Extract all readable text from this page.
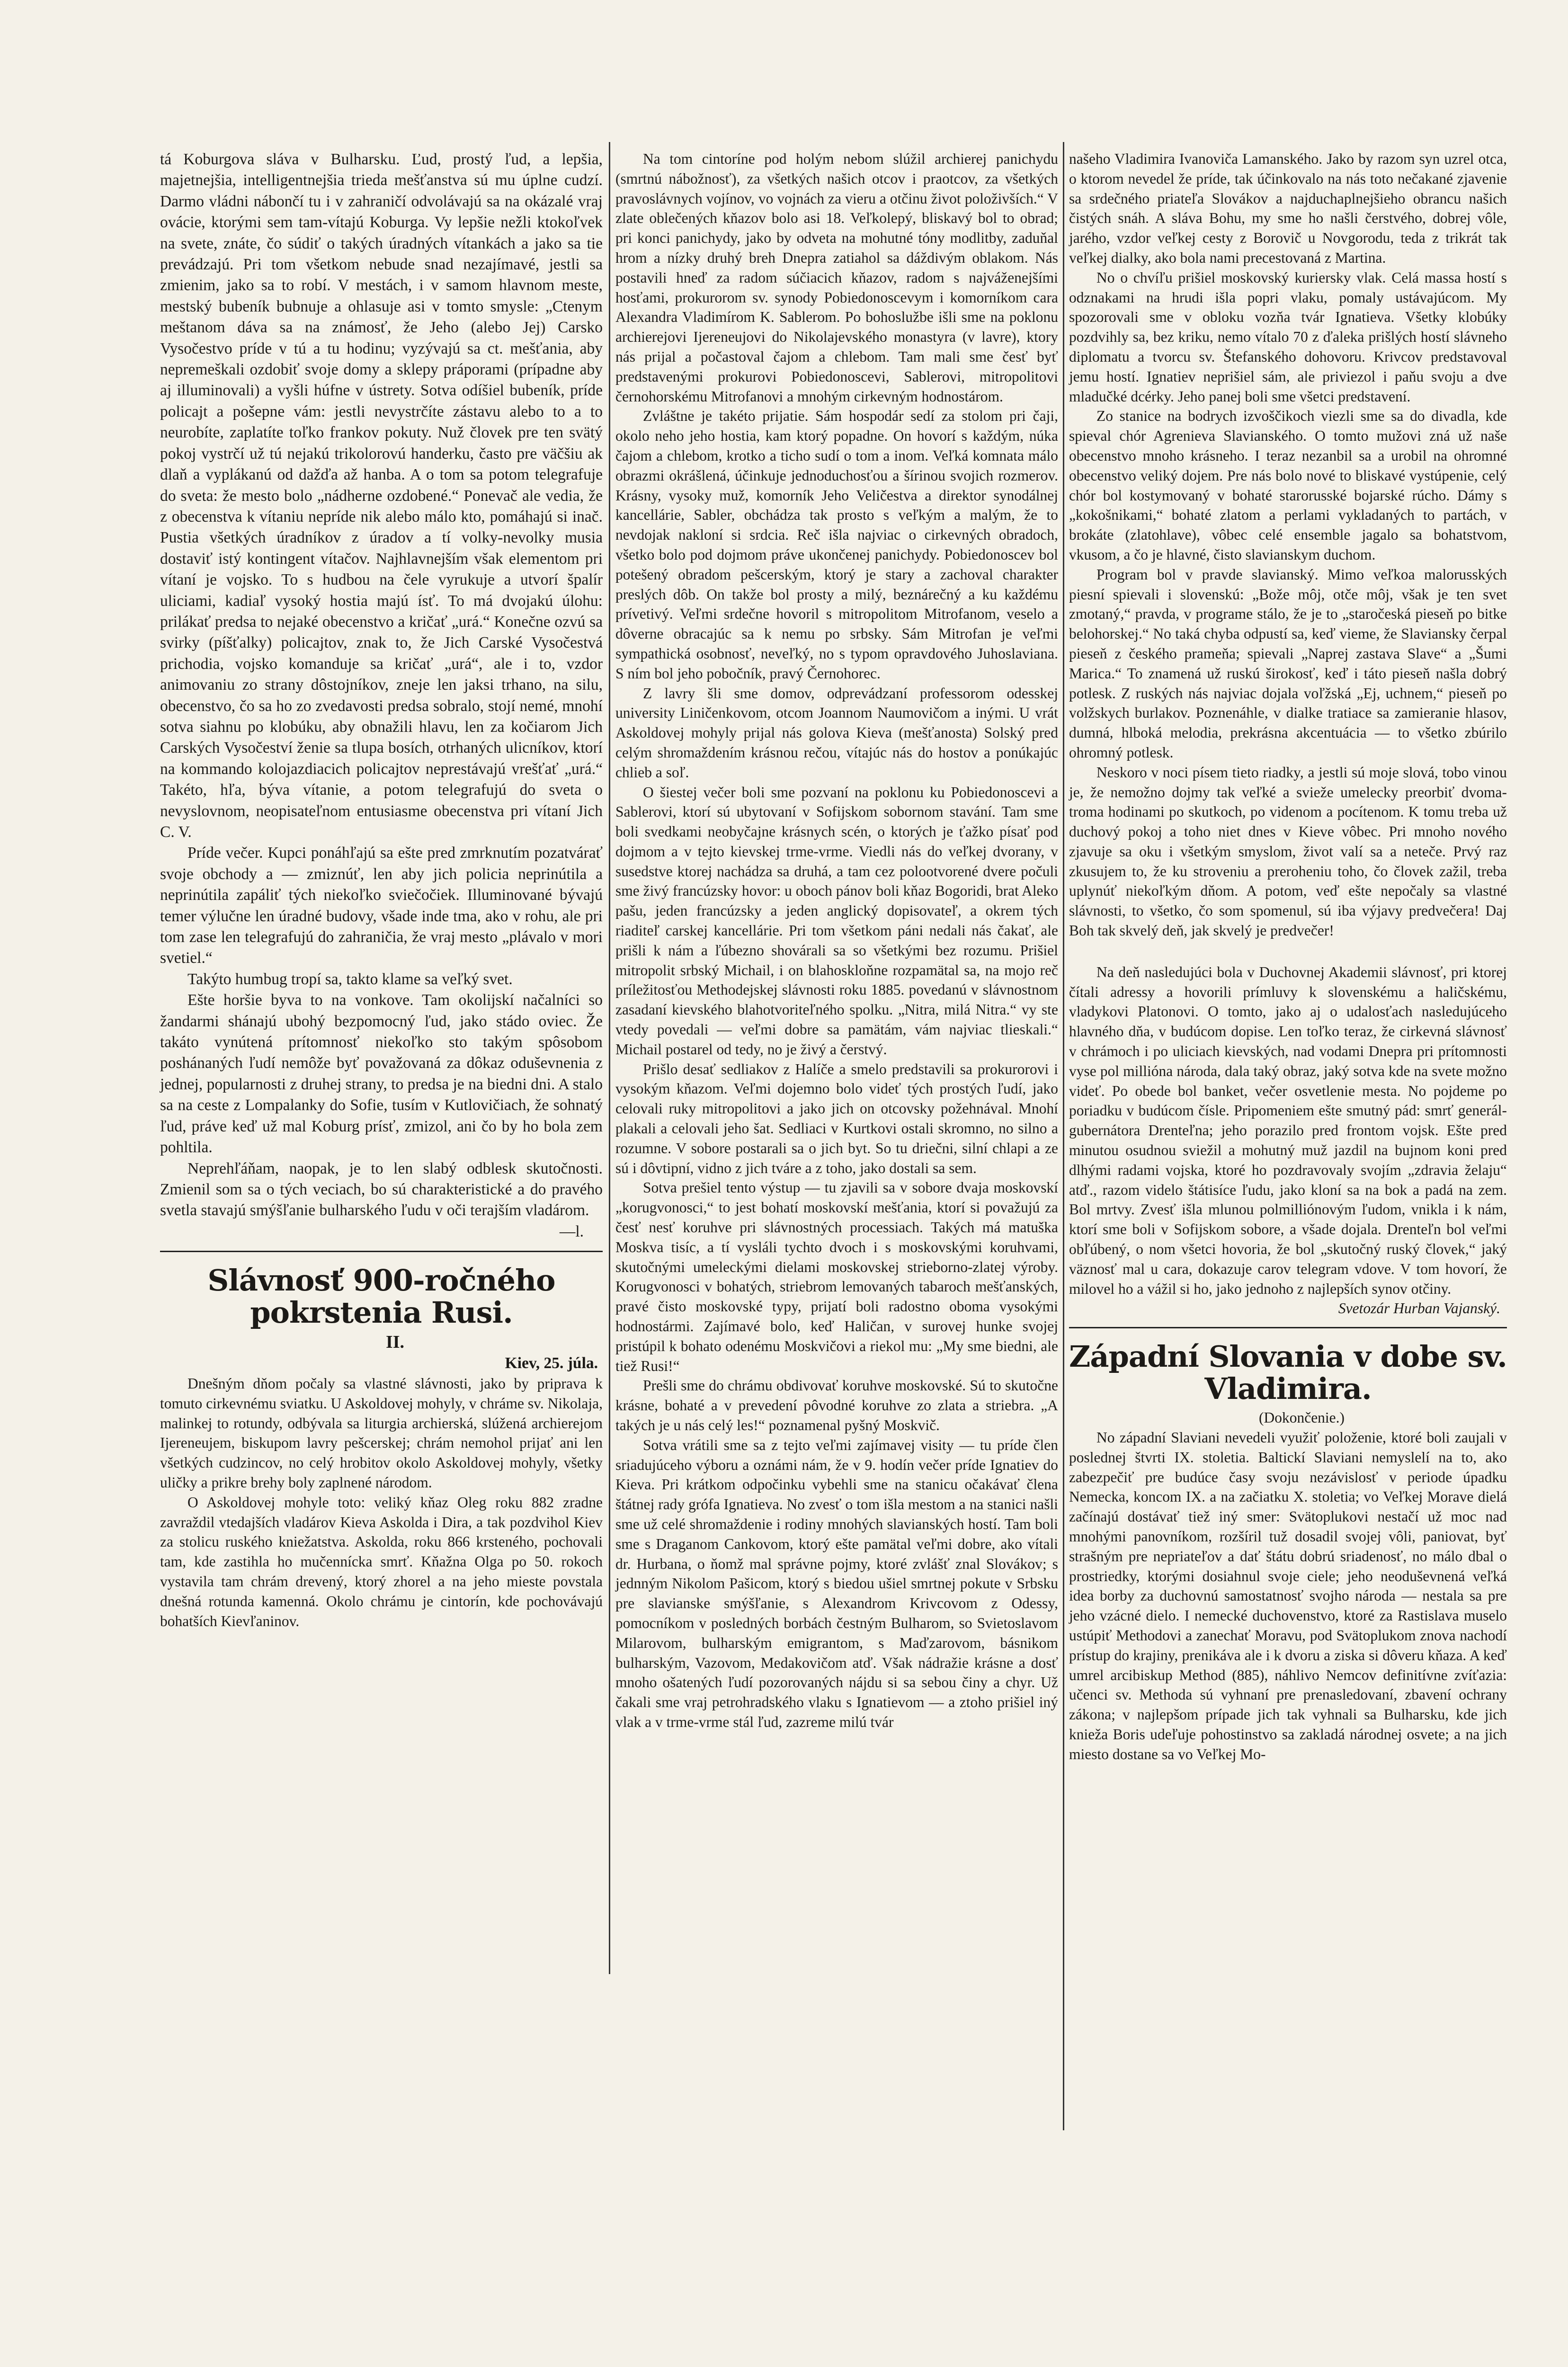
tá Koburgova sláva v Bulharsku. Ľud, prostý ľud, a lepšia, majetnejšia, intelligentnejšia trieda mešťanstva sú mu úplne cudzí. Darmo vládni nábončí tu i v zahraničí odvolávajú sa na okázalé vraj ovácie, ktorými sem tam-vítajú Koburga. Vy lepšie nežli ktokoľvek na svete, znáte, čo súdiť o takých úradných vítankách a jako sa tie prevádzajú. Pri tom všetkom nebude snad nezajímavé, jestli sa zmienim, jako sa to robí. V mestách, i v samom hlavnom meste, mestský bubeník bubnuje a ohlasuje asi v tomto smysle: „Ctenym meštanom dáva sa na známosť, že Jeho (alebo Jej) Carsko Vysočestvo príde v tú a tu hodinu; vyzývajú sa ct. mešťania, aby nepremeškali ozdobiť svoje domy a sklepy práporami (prípadne aby aj illuminovali) a vyšli húfne v ústrety. Sotva odíšiel bubeník, príde policajt a pošepne vám: jestli nevystrčíte zástavu alebo to a to neurobíte, zaplatíte toľko frankov pokuty. Nuž človek pre ten svätý pokoj vystrčí už tú nejakú trikolorovú handerku, často pre väčšiu ak dlaň a vyplákanú od dažďa až hanba. A o tom sa potom telegrafuje do sveta: že mesto bolo „nádherne ozdobené.“ Ponevač ale vedia, že z obecenstva k vítaniu nepríde nik alebo málo kto, pomáhajú si inač. Pustia všetkých úradníkov z úradov a tí volky-nevolky musia dostaviť istý kontingent vítačov. Najhlavnejším však elementom pri vítaní je vojsko. To s hudbou na čele vyrukuje a utvorí špalír uliciami, kadiaľ vysoký hostia majú ísť. To má dvojakú úlohu: prilákať predsa to nejaké obecenstvo a kričať „urá.“ Konečne ozvú sa svirky (píšťalky) policajtov, znak to, že Jich Carské Vysočestvá prichodia, vojsko komanduje sa kričať „urá“, ale i to, vzdor animovaniu zo strany dôstojníkov, zneje len jaksi trhano, na silu, obecenstvo, čo sa ho zo zvedavosti predsa sobralo, stojí nemé, mnohí sotva siahnu po klobúku, aby obnažili hlavu, len za kočiarom Jich Carských Vysočeství ženie sa tlupa bosích, otrhaných ulicníkov, ktorí na kommando kolojazdiacich policajtov neprestávajú vrešťať „urá.“ Takéto, hľa, býva vítanie, a potom telegrafujú do sveta o nevyslovnom, neopisateľnom entusiasme obecenstva pri vítaní Jich C. V.

Príde večer. Kupci ponáhľajú sa ešte pred zmrknutím pozatvárať svoje obchody a — zmiznúť, len aby jich policia neprinútila a neprinútila zapáliť tých niekoľko sviečočiek. Illuminované bývajú temer výlučne len úradné budovy, všade inde tma, ako v rohu, ale pri tom zase len telegrafujú do zahraničia, že vraj mesto „plávalo v mori svetiel.“

Takýto humbug tropí sa, takto klame sa veľký svet.

Ešte horšie byva to na vonkove. Tam okolijskí načalníci so žandarmi shánajú ubohý bezpomocný ľud, jako stádo oviec. Že takáto vynútená prítomnosť niekoľko sto takým spôsobom poshánaných ľudí nemôže byť považovaná za dôkaz oduševnenia z jednej, popularnosti z druhej strany, to predsa je na biedni dni. A stalo sa na ceste z Lompalanky do Sofie, tusím v Kutlovičiach, že sohnatý ľud, práve keď už mal Koburg prísť, zmizol, ani čo by ho bola zem pohltila.

Neprehľáňam, naopak, je to len slabý odblesk skutočnosti. Zmienil som sa o tých veciach, bo sú charakteristické a do pravého svetla stavajú smýšľanie bulharského ľudu v oči terajším vladárom.

—l.

Slávnosť 900-ročného pokrstenia Rusi.

II.

Kiev, 25. júla.

Dnešným dňom počaly sa vlastné slávnosti, jako by priprava k tomuto cirkevnému sviatku. U Askoldovej mohyly, v chráme sv. Nikolaja, malinkej to rotundy, odbývala sa liturgia archierská, slúžená archierejom Ijereneujem, biskupom lavry pešcerskej; chrám nemohol prijať ani len všetkých cudzincov, no celý hrobitov okolo Askoldovej mohyly, všetky uličky a prikre brehy boly zaplnené národom.

O Askoldovej mohyle toto: veliký kňaz Oleg roku 882 zradne zavraždil vtedajších vladárov Kieva Askolda i Dira, a tak pozdvihol Kiev za stolicu ruského kniežatstva. Askolda, roku 866 krsteného, pochovali tam, kde zastihla ho mučennícka smrť. Kňažna Olga po 50. rokoch vystavila tam chrám drevený, ktorý zhorel a na jeho mieste povstala dnešná rotunda kamenná. Okolo chrámu je cintorín, kde pochovávajú bohatších Kievľaninov.

Na tom cintoríne pod holým nebom slúžil archierej panichydu (smrtnú nábožnosť), za všetkých našich otcov i praotcov, za všetkých pravoslávnych vojínov, vo vojnách za vieru a otčinu život položivších.“ V zlate oblečených kňazov bolo asi 18. Veľkolepý, bliskavý bol to obrad; pri konci panichydy, jako by odveta na mohutné tóny modlitby, zaduňal hrom a nízky druhý breh Dnepra zatiahol sa dáždivým oblakom. Nás postavili hneď za radom súčiacich kňazov, radom s najváženejšími hosťami, prokurorom sv. synody Pobiedonoscevym i komorníkom cara Alexandra Vladimírom K. Sablerom. Po bohoslužbe išli sme na poklonu archierejovi Ijereneujovi do Nikolajevského monastyra (v lavre), ktory nás prijal a počastoval čajom a chlebom. Tam mali sme česť byť predstavenými prokurovi Pobiedonoscevi, Sablerovi, mitropolitovi černohorskému Mitrofanovi a mnohým cirkevným hodnostárom.

Zvláštne je takéto prijatie. Sám hospodár sedí za stolom pri čaji, okolo neho jeho hostia, kam ktorý popadne. On hovorí s každým, núka čajom a chlebom, krotko a ticho sudí o tom a inom. Veľká komnata málo obrazmi okrášlená, účinkuje jednoduchosťou a šírinou svojich rozmerov. Krásny, vysoky muž, komorník Jeho Veličestva a direktor synodálnej kancellárie, Sabler, obchádza tak prosto s veľkým a malým, že to nevdojak nakloní si srdcia. Reč išla najviac o cirkevných obradoch, všetko bolo pod dojmom práve ukončenej panichydy. Pobiedonoscev bol potešený obradom pešcerským, ktorý je stary a zachoval charakter preslých dôb. On takže bol prosty a milý, beznárečný a ku každému prívetivý. Veľmi srdečne hovoril s mitropolitom Mitrofanom, veselo a dôverne obracajúc sa k nemu po srbsky. Sám Mitrofan je veľmi sympathická osobnosť, neveľký, no s typom opravdového Juhoslaviana. S ním bol jeho pobočník, pravý Černohorec.

Z lavry šli sme domov, odprevádzaní professorom odesskej university Liničenkovom, otcom Joannom Naumovičom a inými. U vrát Askoldovej mohyly prijal nás golova Kieva (mešťanosta) Solský pred celým shromaždením krásnou rečou, vítajúc nás do hostov a ponúkajúc chlieb a soľ.

O šiestej večer boli sme pozvaní na poklonu ku Pobiedonoscevi a Sablerovi, ktorí sú ubytovaní v Sofijskom sobornom stavání. Tam sme boli svedkami neobyčajne krásnych scén, o ktorých je ťažko písať pod dojmom a v tejto kievskej trme-vrme. Viedli nás do veľkej dvorany, v susedstve ktorej nachádza sa druhá, a tam cez polootvorené dvere počuli sme živý francúzsky hovor: u oboch pánov boli kňaz Bogoridi, brat Aleko pašu, jeden francúzsky a jeden anglický dopisovateľ, a okrem tých riaditeľ carskej kancellárie. Pri tom všetkom páni nedali nás čakať, ale prišli k nám a ľúbezno shovárali sa so všetkými bez rozumu. Prišiel mitropolit srbský Michail, i on blahoskloňne rozpamätal sa, na mojo reč príležitosťou Methodejskej slávnosti roku 1885. povedanú v slávnostnom zasadaní kievského blahotvoriteľného spolku. „Nitra, milá Nitra.“ vy ste vtedy povedali — veľmi dobre sa pamätám, vám najviac tlieskali.“ Michail postarel od tedy, no je živý a čerstvý.

Prišlo desať sedliakov z Halíče a smelo predstavili sa prokurorovi i vysokým kňazom. Veľmi dojemno bolo videť tých prostých ľudí, jako celovali ruky mitropolitovi a jako jich on otcovsky požehnával. Mnohí plakali a celovali jeho šat. Sedliaci v Kurtkovi ostali skromno, no silno a rozumne. V sobore postarali sa o jich byt. So tu driečni, silní chlapi a ze sú i dôvtipní, vidno z jich tváre a z toho, jako dostali sa sem.

Sotva prešiel tento výstup — tu zjavili sa v sobore dvaja moskovskí „korugvonosci,“ to jest bohatí moskovskí mešťania, ktorí si považujú za česť nesť koruhve pri slávnostných processiach. Takých má matuška Moskva tisíc, a tí vysláli tychto dvoch i s moskovskými koruhvami, skutočnými umeleckými dielami moskovskej strieborno-zlatej výroby. Korugvonosci v bohatých, striebrom lemovaných tabaroch mešťanských, pravé čisto moskovské typy, prijatí boli radostno oboma vysokými hodnostármi. Zajímavé bolo, keď Haličan, v surovej hunke svojej pristúpil k bohato odenému Moskvičovi a riekol mu: „My sme biedni, ale tiež Rusi!“

Prešli sme do chrámu obdivovať koruhve moskovské. Sú to skutočne krásne, bohaté a v prevedení pôvodné koruhve zo zlata a striebra. „A takých je u nás celý les!“ poznamenal pyšný Moskvič.

Sotva vrátili sme sa z tejto veľmi zajímavej visity — tu príde člen sriadujúceho výboru a oznámi nám, že v 9. hodín večer príde Ignatiev do Kieva. Pri krátkom odpočinku vybehli sme na stanicu očakávať člena štátnej rady grófa Ignatieva. No zvesť o tom išla mestom a na stanici našli sme už celé shromaždenie i rodiny mnohých slavianských hostí. Tam boli sme s Draganom Cankovom, ktorý ešte pamätal veľmi dobre, ako vítali dr. Hurbana, o ňomž mal správne pojmy, ktoré zvlášť znal Slovákov; s jednným Nikolom Pašicom, ktorý s biedou ušiel smrtnej pokute v Srbsku pre slavianske smýšľanie, s Alexandrom Krivcovom z Odessy, pomocníkom v posledných borbách čestným Bulharom, so Svietoslavom Milarovom, bulharským emigrantom, s Maďzarovom, básnikom bulharským, Vazovom, Medakovičom atď. Však nádražie krásne a dosť mnoho ošatených ľudí pozorovaných nájdu si sa sebou činy a chyr. Už čakali sme vraj petrohradského vlaku s Ignatievom — a ztoho prišiel iný vlak a v trme-vrme stál ľud, zazreme milú tvár

našeho Vladimira Ivanoviča Lamanského. Jako by razom syn uzrel otca, o ktorom nevedel že príde, tak účinkovalo na nás toto nečakané zjavenie sa srdečného priateľa Slovákov a najduchaplnejšieho obrancu našich čistých snáh. A sláva Bohu, my sme ho našli čerstvého, dobrej vôle, jarého, vzdor veľkej cesty z Borovič u Novgorodu, teda z trikrát tak veľkej dialky, ako bola nami precestovaná z Martina.

No o chvíľu prišiel moskovský kuriersky vlak. Celá massa hostí s odznakami na hrudi išla popri vlaku, pomaly ustávajúcom. My spozorovali sme v obloku vozňa tvár Ignatieva. Všetky klobúky pozdvihly sa, bez kriku, nemo vítalo 70 z ďaleka prišlých hostí slávneho diplomatu a tvorcu sv. Štefanského dohovoru. Krivcov predstavoval jemu hostí. Ignatiev neprišiel sám, ale priviezol i paňu svoju a dve mladučké dcérky. Jeho panej boli sme všetci predstavení.

Zo stanice na bodrych izvoščikoch viezli sme sa do divadla, kde spieval chór Agrenieva Slavianského. O tomto mužovi zná už naše obecenstvo mnoho krásneho. I teraz nezanbil sa a urobil na ohromné obecenstvo veliký dojem. Pre nás bolo nové to bliskavé vystúpenie, celý chór bol kostymovaný v bohaté starorusské bojarské rúcho. Dámy s „kokošnikami,“ bohaté zlatom a perlami vykladaných to partách, v brokáte (zlatohlave), vôbec celé ensemble jagalo sa bohatstvom, vkusom, a čo je hlavné, čisto slavianskym duchom.

Program bol v pravde slavianský. Mimo veľkoa malorusských piesní spievali i slovenskú: „Bože môj, otče môj, však je ten svet zmotaný,“ pravda, v programe stálo, že je to „staročeská pieseň po bitke belohorskej.“ No taká chyba odpustí sa, keď vieme, že Slaviansky čerpal pieseň z českého prameňa; spievali „Naprej zastava Slave“ a „Šumi Marica.“ To znamená už ruskú širokosť, keď i táto pieseň našla dobrý potlesk. Z ruských nás najviac dojala voľžská „Ej, uchnem,“ pieseň po volžskych burlakov. Poznenáhle, v dialke tratiace sa zamieranie hlasov, dumná, hlboká melodia, prekrásna akcentuácia — to všetko zbúrilo ohromný potlesk.

Neskoro v noci písem tieto riadky, a jestli sú moje slová, tobo vinou je, že nemožno dojmy tak veľké a svieže umelecky preorbiť dvoma-troma hodinami po skutkoch, po videnom a pocítenom. K tomu treba už duchový pokoj a toho niet dnes v Kieve vôbec. Pri mnoho nového zjavuje sa oku i všetkým smyslom, život valí sa a neteče. Prvý raz zkusujem to, že ku stroveniu a preroheniu toho, čo človek zažil, treba uplynúť niekoľkým dňom. A potom, veď ešte nepočaly sa vlastné slávnosti, to všetko, čo som spomenul, sú iba výjavy predvečera! Daj Boh tak skvelý deň, jak skvelý je predvečer!

Na deň nasledujúci bola v Duchovnej Akademii slávnosť, pri ktorej čítali adressy a hovorili prímluvy k slovenskému a haličskému, vladykovi Platonovi. O tomto, jako aj o udalosťach nasledujúceho hlavného dňa, v budúcom dopise. Len toľko teraz, že cirkevná slávnosť v chrámoch i po uliciach kievských, nad vodami Dnepra pri prítomnosti vyse pol millióna národa, dala taký obraz, jaký sotva kde na svete možno videť. Po obede bol banket, večer osvetlenie mesta. No pojdeme po poriadku v budúcom čísle. Pripomeniem ešte smutný pád: smrť generál-gubernátora Drenteľna; jeho porazilo pred frontom vojsk. Ešte pred minutou osudnou sviežil a mohutný muž jazdil na bujnom koni pred dlhými radami vojska, ktoré ho pozdravovaly svojím „zdravia želaju“ atď., razom videlo štátisíce ľudu, jako kloní sa na bok a padá na zem. Bol mrtvy. Zvesť išla mlunou polmilliónovým ľudom, vnikla i k nám, ktorí sme boli v Sofijskom sobore, a všade dojala. Drenteľn bol veľmi obľúbený, o nom všetci hovoria, že bol „skutočný ruský človek,“ jaký väznosť mal u cara, dokazuje carov telegram vdove. V tom hovorí, že milovel ho a vážil si ho, jako jednoho z najlepších synov otčiny.

Svetozár Hurban Vajanský.

Západní Slovania v dobe sv. Vladimira.

(Dokončenie.)

No západní Slaviani nevedeli využiť položenie, ktoré boli zaujali v poslednej štvrti IX. stoletia. Baltickí Slaviani nemyslelí na to, ako zabezpečiť pre budúce časy svoju nezávislosť v periode úpadku Nemecka, koncom IX. a na začiatku X. stoletia; vo Veľkej Morave dielá začínajú dostávať tiež iný smer: Svätoplukovi nestačí už moc nad mnohými panovníkom, rozšíril tuž dosadil svojej vôli, paniovat, byť strašným pre nepriateľov a dať štátu dobrú sriadenosť, no málo dbal o prostriedky, ktorými dosiahnul svoje ciele; jeho neoduševnená veľká idea borby za duchovnú samostatnosť svojho národa — nestala sa pre jeho vzácné dielo. I nemecké duchovenstvo, ktoré za Rastislava muselo ustúpiť Methodovi a zanechať Moravu, pod Svätoplukom znova nachodí prístup do krajiny, prenikáva ale i k dvoru a ziska si dôveru kňaza. A keď umrel arcibiskup Method (885), náhlivo Nemcov definitívne zvíťazia: učenci sv. Methoda sú vyhnaní pre prenasledovaní, zbavení ochrany zákona; v najlepšom prípade jich tak vyhnali sa Bulharsku, kde jich knieža Boris udeľuje pohostinstvo sa zakladá národnej osvete; a na jich miesto dostane sa vo Veľkej Mo-
